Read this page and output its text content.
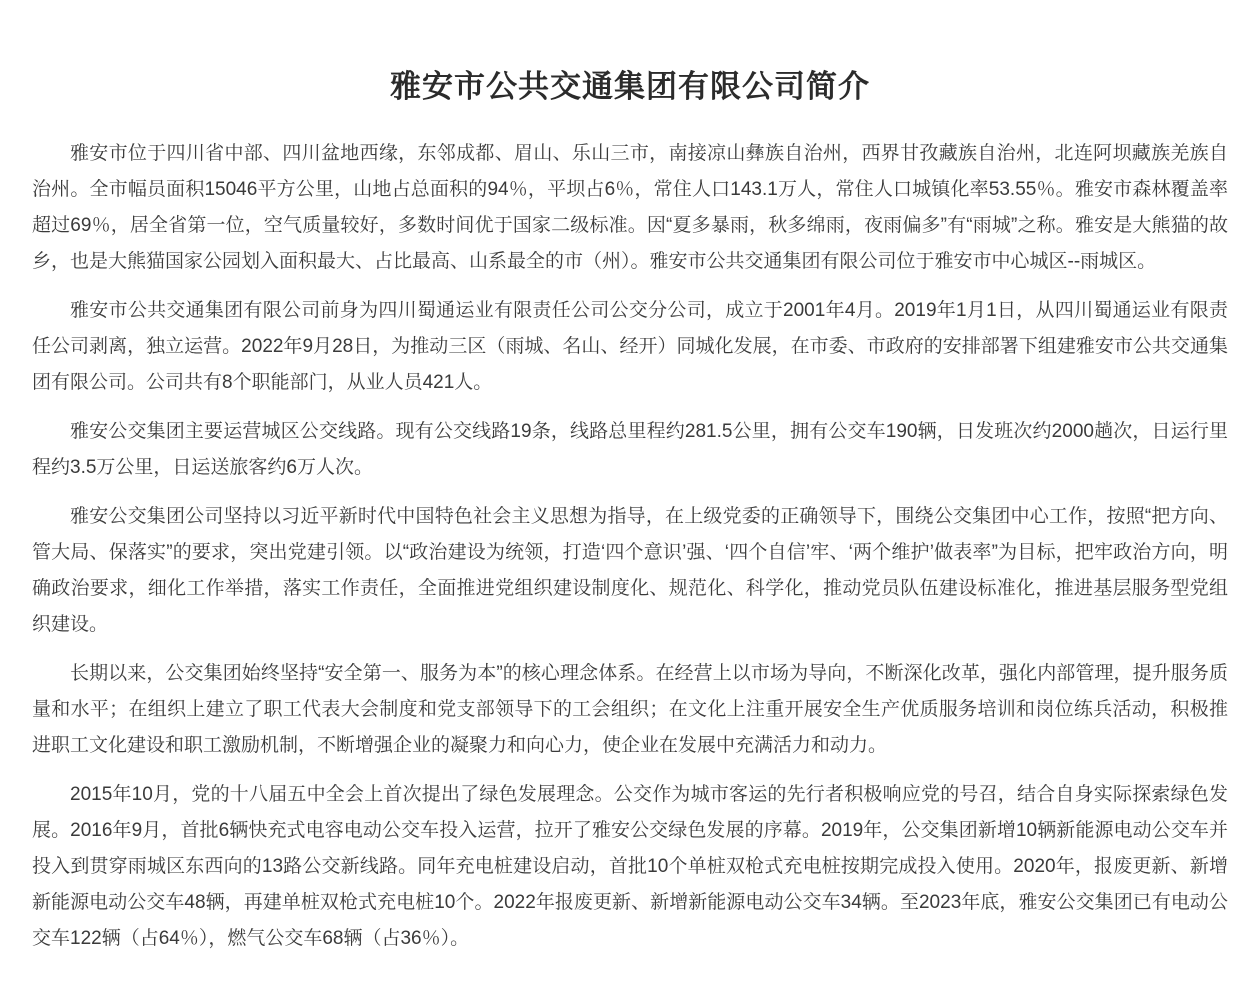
雅安市公共交通集团有限公司简介

雅安市位于四川省中部、四川盆地西缘，东邻成都、眉山、乐山三市，南接凉山彝族自治州，西界甘孜藏族自治州，北连阿坝藏族羌族自治州。全市幅员面积15046平方公里，山地占总面积的94％，平坝占6％，常住人口143.1万人，常住人口城镇化率53.55％。雅安市森林覆盖率超过69％，居全省第一位，空气质量较好，多数时间优于国家二级标准。因“夏多暴雨，秋多绵雨，夜雨偏多”有“雨城”之称。雅安是大熊猫的故乡，也是大熊猫国家公园划入面积最大、占比最高、山系最全的市（州）。雅安市公共交通集团有限公司位于雅安市中心城区--雨城区。

雅安市公共交通集团有限公司前身为四川蜀通运业有限责任公司公交分公司，成立于2001年4月。2019年1月1日，从四川蜀通运业有限责任公司剥离，独立运营。2022年9月28日，为推动三区（雨城、名山、经开）同城化发展，在市委、市政府的安排部署下组建雅安市公共交通集团有限公司。公司共有8个职能部门，从业人员421人。

雅安公交集团主要运营城区公交线路。现有公交线路19条，线路总里程约281.5公里，拥有公交车190辆，日发班次约2000趟次，日运行里程约3.5万公里，日运送旅客约6万人次。

雅安公交集团公司坚持以习近平新时代中国特色社会主义思想为指导，在上级党委的正确领导下，围绕公交集团中心工作，按照“把方向、管大局、保落实”的要求，突出党建引领。以“政治建设为统领，打造‘四个意识’强、‘四个自信’牢、‘两个维护’做表率”为目标，把牢政治方向，明确政治要求，细化工作举措，落实工作责任，全面推进党组织建设制度化、规范化、科学化，推动党员队伍建设标准化，推进基层服务型党组织建设。

长期以来，公交集团始终坚持“安全第一、服务为本”的核心理念体系。在经营上以市场为导向，不断深化改革，强化内部管理，提升服务质量和水平；在组织上建立了职工代表大会制度和党支部领导下的工会组织；在文化上注重开展安全生产优质服务培训和岗位练兵活动，积极推进职工文化建设和职工激励机制，不断增强企业的凝聚力和向心力，使企业在发展中充满活力和动力。

2015年10月，党的十八届五中全会上首次提出了绿色发展理念。公交作为城市客运的先行者积极响应党的号召，结合自身实际探索绿色发展。2016年9月，首批6辆快充式电容电动公交车投入运营，拉开了雅安公交绿色发展的序幕。2019年，公交集团新增10辆新能源电动公交车并投入到贯穿雨城区东西向的13路公交新线路。同年充电桩建设启动，首批10个单桩双枪式充电桩按期完成投入使用。2020年，报废更新、新增新能源电动公交车48辆，再建单桩双枪式充电桩10个。2022年报废更新、新增新能源电动公交车34辆。至2023年底，雅安公交集团已有电动公交车122辆（占64％），燃气公交车68辆（占36％）。
